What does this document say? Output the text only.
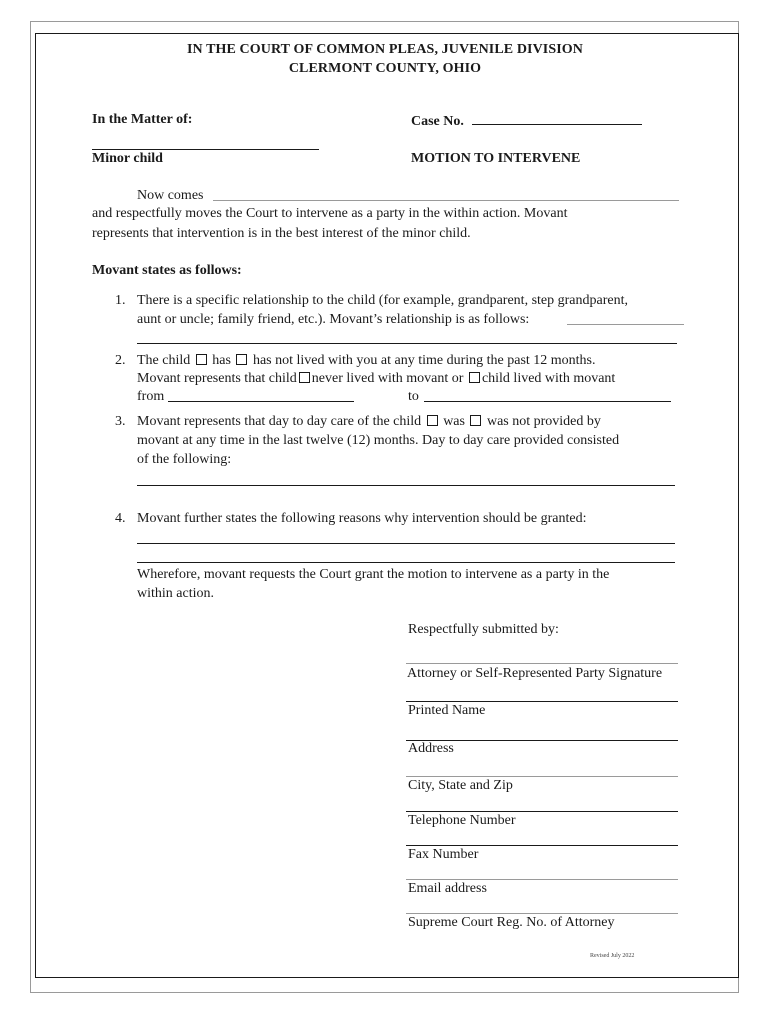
IN THE COURT OF COMMON PLEAS, JUVENILE DIVISION
CLERMONT COUNTY, OHIO
In the Matter of:	Case No.
Minor child	MOTION TO INTERVENE
Now comes
and respectfully moves the Court to intervene as a party in the within action. Movant
represents that intervention is in the best interest of the minor child.
Movant states as follows:
1. There is a specific relationship to the child (for example, grandparent, step grandparent,
aunt or uncle; family friend, etc.). Movant’s relationship is as follows:
2. The child has has not lived with you at any time during the past 12 months.
Movant represents that child never lived with movant or child lived with movant
from	to
3. Movant represents that day to day care of the child was was not provided by
movant at any time in the last twelve (12) months. Day to day care provided consisted
of the following:
4. Movant further states the following reasons why intervention should be granted:
Wherefore, movant requests the Court grant the motion to intervene as a party in the
within action.
Respectfully submitted by:
Attorney or Self-Represented Party Signature
Printed Name
Address
City, State and Zip
Telephone Number
Fax Number
Email address
Supreme Court Reg. No. of Attorney
Revised July 2022
